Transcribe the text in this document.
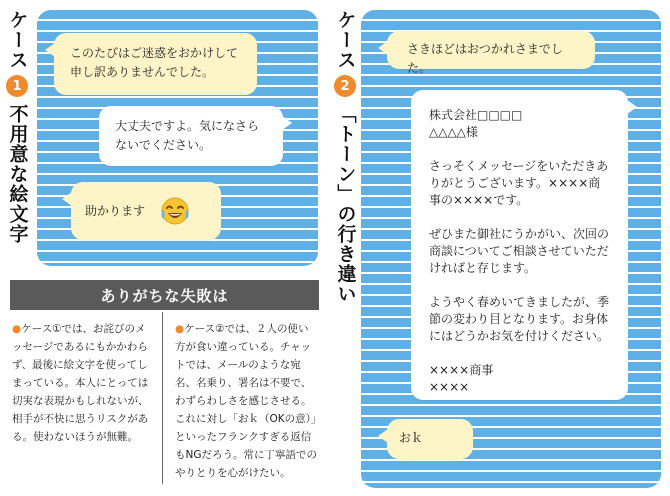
ケース
1
不用意な絵文字
このたびはご迷惑をおかけして申し訳ありませんでした。
大丈夫ですよ。気になさらないでください。
助かります
ケース
2
「トーン」の行き違い
さきほどはおつかれさまでした。
株式会社□□□□
△△△△様
さっそくメッセージをいただきありがとうございます。××××商事の××××です。
ぜひまた御社にうかがい、次回の商談についてご相談させていただければと存じます。
ようやく春めいてきましたが、季節の変わり目となります。お身体にはどうかお気を付けください。
××××商事
××××
おｋ
ありがちな失敗は
●ケース①では、お詫びのメッセージであるにもかかわらず、最後に絵文字を使ってしまっている。本人にとっては切実な表現かもしれないが、相手が不快に思うリスクがある。使わないほうが無難。
●ケース②では、２人の使い方が食い違っている。チャットでは、メールのような宛名、名乗り、署名は不要で、わずらわしさを感じさせる。これに対し「おｋ（OKの意）」といったフランクすぎる返信もNGだろう。常に丁寧語でのやりとりを心がけたい。
